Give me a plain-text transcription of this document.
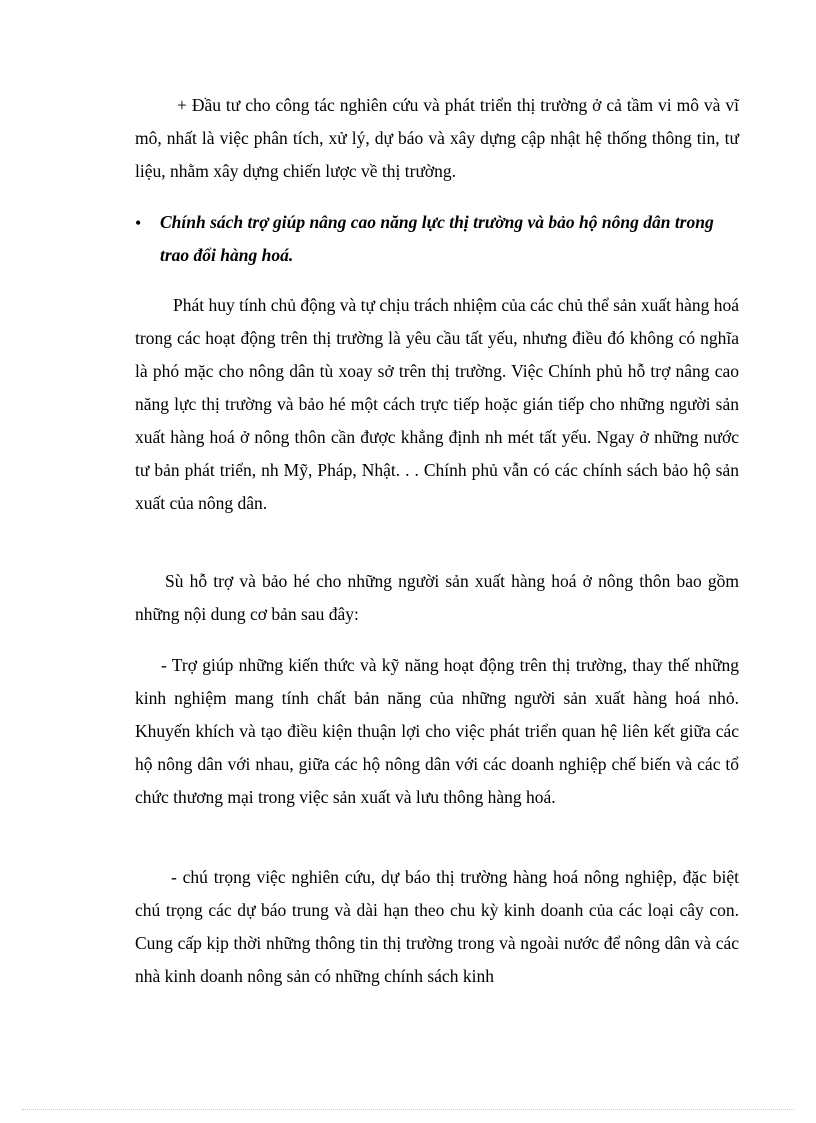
+ Đầu tư cho công tác nghiên cứu và phát triển thị trường ở cả tầm vi mô và vĩ mô, nhất là việc phân tích, xử lý, dự báo và xây dựng cập nhật hệ thống thông tin, tư liệu, nhằm xây dựng chiến lược về thị trường.

• Chính sách trợ giúp nâng cao năng lực thị trường và bảo hộ nông dân trong trao đổi hàng hoá.

Phát huy tính chủ động và tự chịu trách nhiệm của các chủ thể sản xuất hàng hoá trong các hoạt động trên thị trường là yêu cầu tất yếu, nhưng điều đó không có nghĩa là phó mặc cho nông dân tù xoay sở trên thị trường. Việc Chính phủ hỗ trợ nâng cao năng lực thị trường và bảo hé một cách trực tiếp hoặc gián tiếp cho những người sản xuất hàng hoá ở nông thôn cần được khẳng định nh mét tất yếu. Ngay ở những nước tư bản phát triển, nh Mỹ, Pháp, Nhật. . . Chính phủ vẫn có các chính sách bảo hộ sản xuất của nông dân.

Sù hỗ trợ và bảo hé cho những người sản xuất hàng hoá ở nông thôn bao gồm những nội dung cơ bản sau đây:

- Trợ giúp những kiến thức và kỹ năng hoạt động trên thị trường, thay thế những kinh nghiệm mang tính chất bản năng của những người sản xuất hàng hoá nhỏ. Khuyến khích và tạo điều kiện thuận lợi cho việc phát triển quan hệ liên kết giữa các hộ nông dân với nhau, giữa các hộ nông dân với các doanh nghiệp chế biến và các tổ chức thương mại trong việc sản xuất và lưu thông hàng hoá.

- chú trọng việc nghiên cứu, dự báo thị trường hàng hoá nông nghiệp, đặc biệt chú trọng các dự báo trung và dài hạn theo chu kỳ kinh doanh của các loại cây con. Cung cấp kịp thời những thông tin thị trường trong và ngoài nước để nông dân và các nhà kinh doanh nông sản có những chính sách kinh
